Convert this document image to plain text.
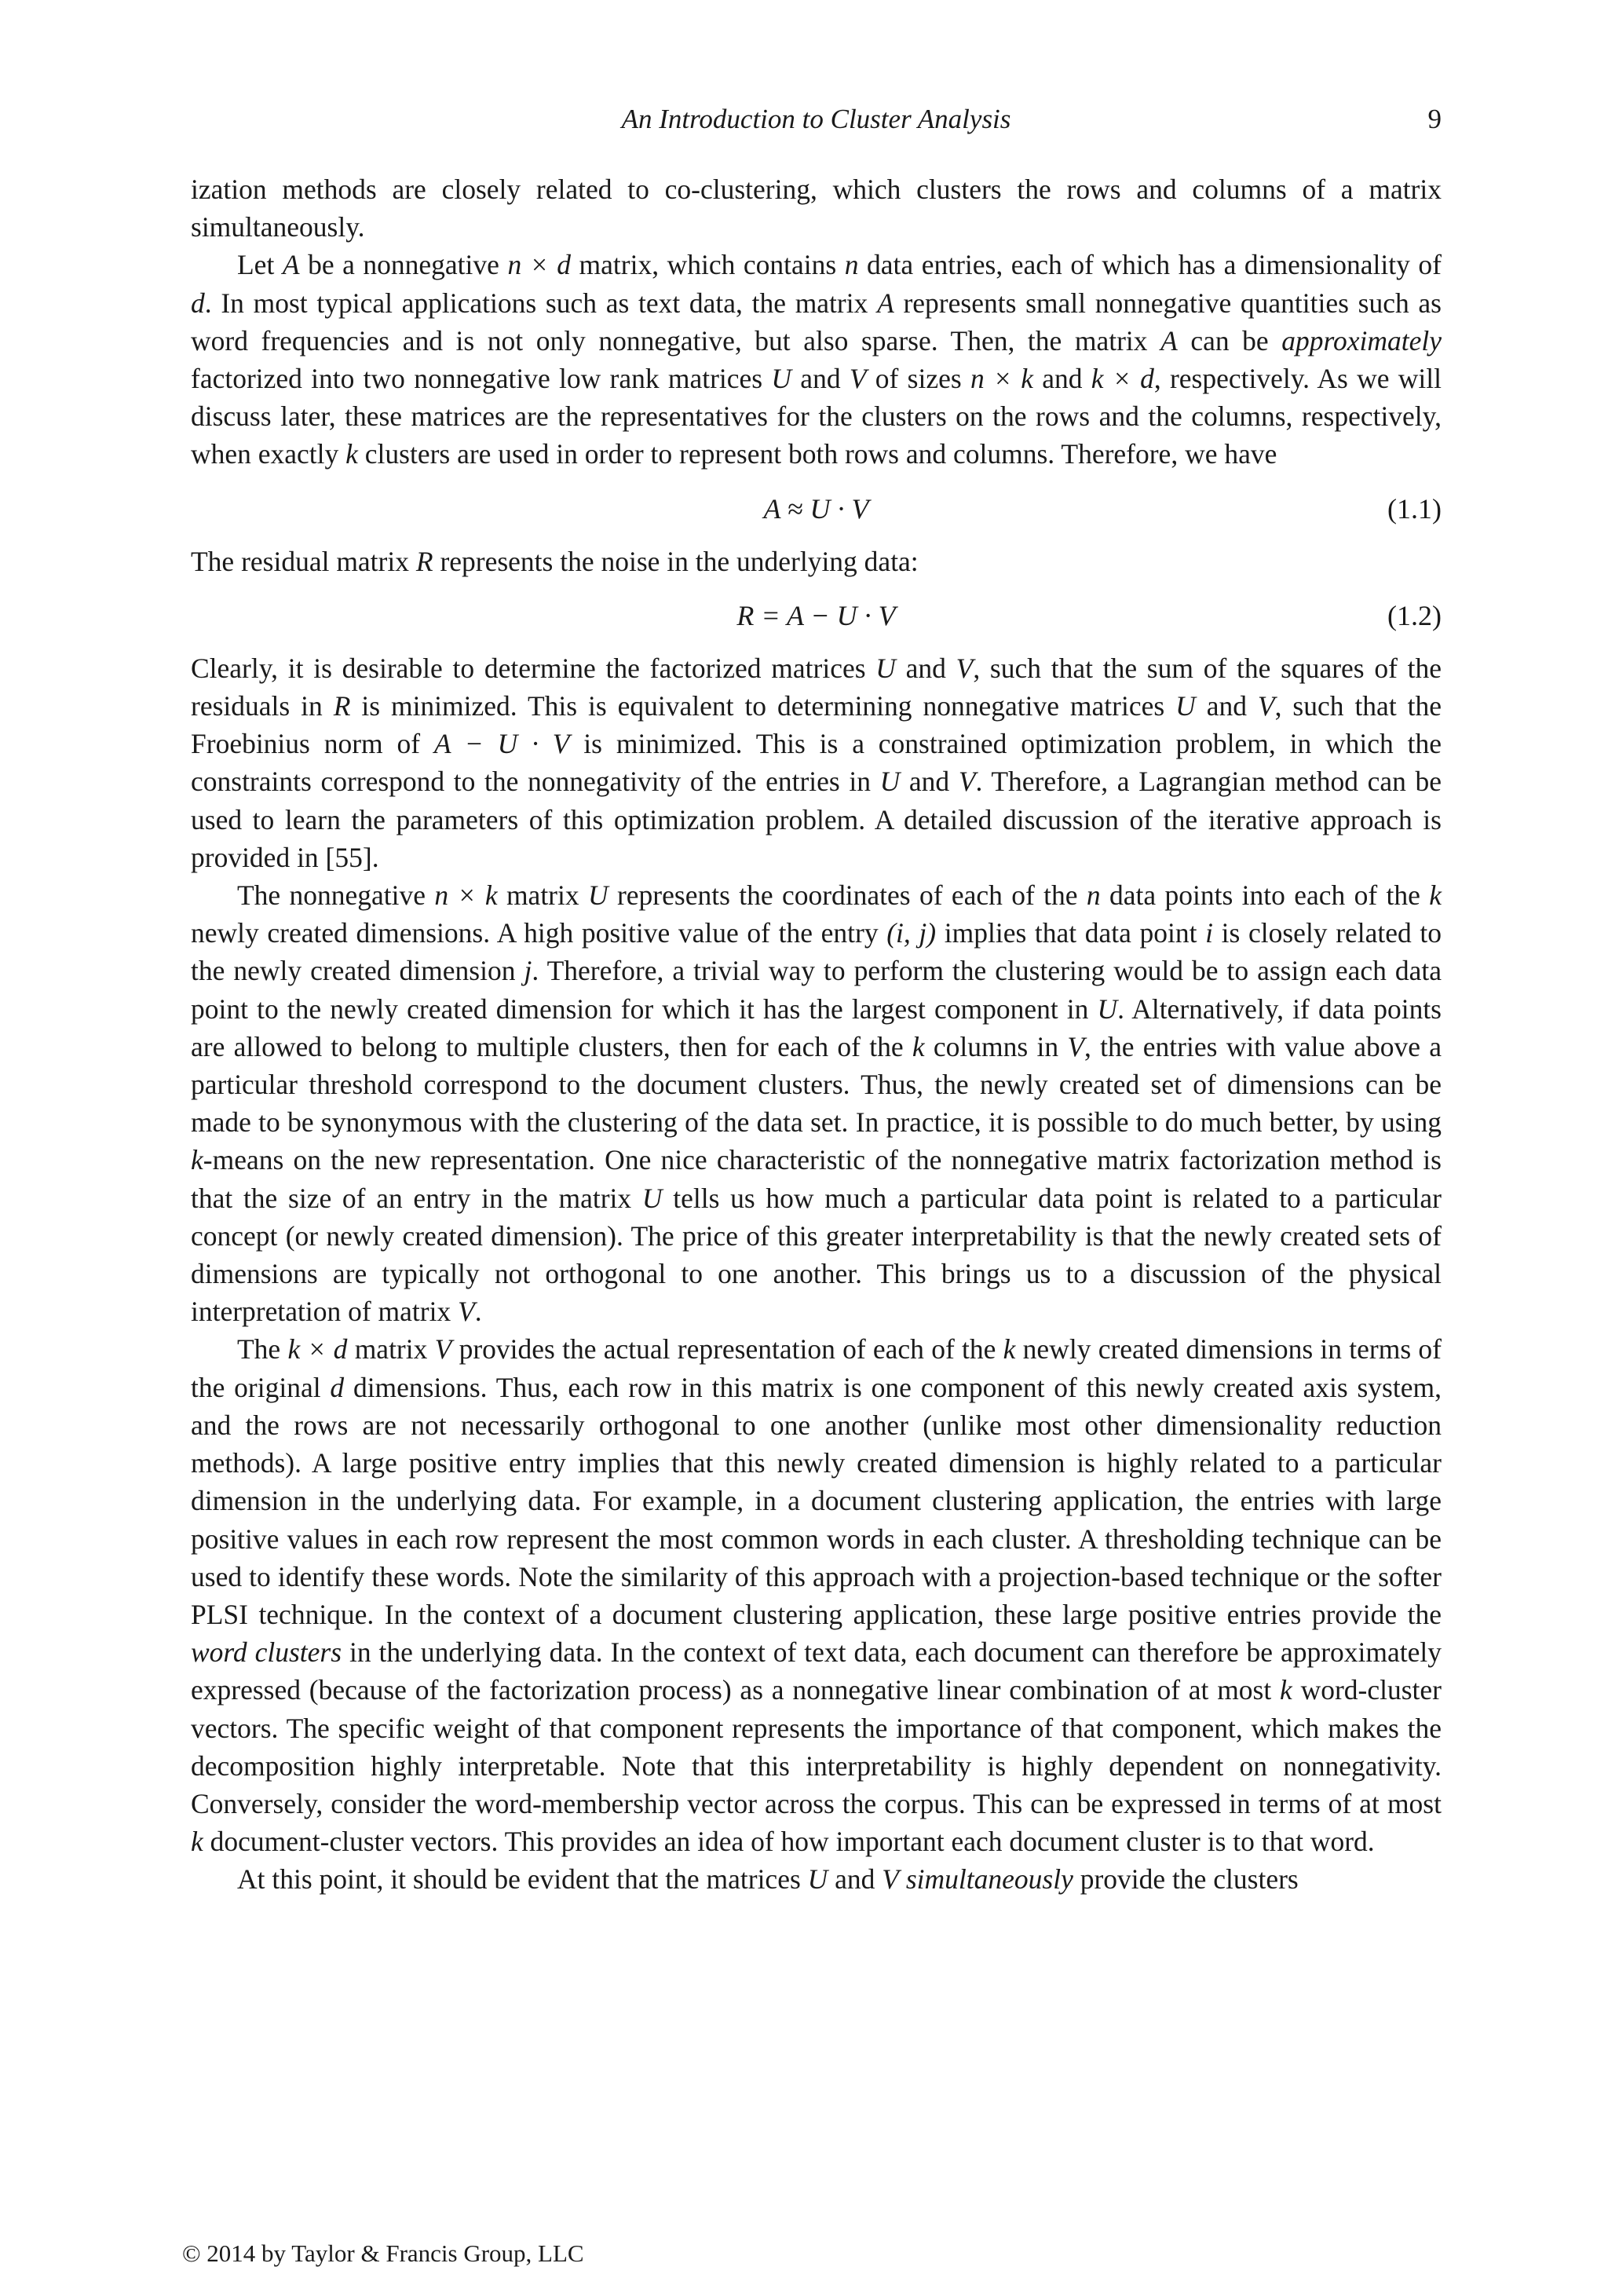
An Introduction to Cluster Analysis	9

ization methods are closely related to co-clustering, which clusters the rows and columns of a matrix simultaneously.

Let A be a nonnegative n × d matrix, which contains n data entries, each of which has a dimensionality of d. In most typical applications such as text data, the matrix A represents small nonnegative quantities such as word frequencies and is not only nonnegative, but also sparse. Then, the matrix A can be approximately factorized into two nonnegative low rank matrices U and V of sizes n × k and k × d, respectively. As we will discuss later, these matrices are the representatives for the clusters on the rows and the columns, respectively, when exactly k clusters are used in order to represent both rows and columns. Therefore, we have

A ≈ U · V	(1.1)

The residual matrix R represents the noise in the underlying data:

R = A − U · V	(1.2)

Clearly, it is desirable to determine the factorized matrices U and V, such that the sum of the squares of the residuals in R is minimized. This is equivalent to determining nonnegative matrices U and V, such that the Froebinius norm of A − U · V is minimized. This is a constrained optimization problem, in which the constraints correspond to the nonnegativity of the entries in U and V. Therefore, a Lagrangian method can be used to learn the parameters of this optimization problem. A detailed discussion of the iterative approach is provided in [55].

The nonnegative n × k matrix U represents the coordinates of each of the n data points into each of the k newly created dimensions. A high positive value of the entry (i, j) implies that data point i is closely related to the newly created dimension j. Therefore, a trivial way to perform the clustering would be to assign each data point to the newly created dimension for which it has the largest component in U. Alternatively, if data points are allowed to belong to multiple clusters, then for each of the k columns in V, the entries with value above a particular threshold correspond to the document clusters. Thus, the newly created set of dimensions can be made to be synonymous with the clustering of the data set. In practice, it is possible to do much better, by using k-means on the new representation. One nice characteristic of the nonnegative matrix factorization method is that the size of an entry in the matrix U tells us how much a particular data point is related to a particular concept (or newly created dimension). The price of this greater interpretability is that the newly created sets of dimensions are typically not orthogonal to one another. This brings us to a discussion of the physical interpretation of matrix V.

The k × d matrix V provides the actual representation of each of the k newly created dimensions in terms of the original d dimensions. Thus, each row in this matrix is one component of this newly created axis system, and the rows are not necessarily orthogonal to one another (unlike most other dimensionality reduction methods). A large positive entry implies that this newly created dimension is highly related to a particular dimension in the underlying data. For example, in a document clustering application, the entries with large positive values in each row represent the most common words in each cluster. A thresholding technique can be used to identify these words. Note the similarity of this approach with a projection-based technique or the softer PLSI technique. In the context of a document clustering application, these large positive entries provide the word clusters in the underlying data. In the context of text data, each document can therefore be approximately expressed (because of the factorization process) as a nonnegative linear combination of at most k word-cluster vectors. The specific weight of that component represents the importance of that component, which makes the decomposition highly interpretable. Note that this interpretability is highly dependent on nonnegativity. Conversely, consider the word-membership vector across the corpus. This can be expressed in terms of at most k document-cluster vectors. This provides an idea of how important each document cluster is to that word.

At this point, it should be evident that the matrices U and V simultaneously provide the clusters

© 2014 by Taylor & Francis Group, LLC
